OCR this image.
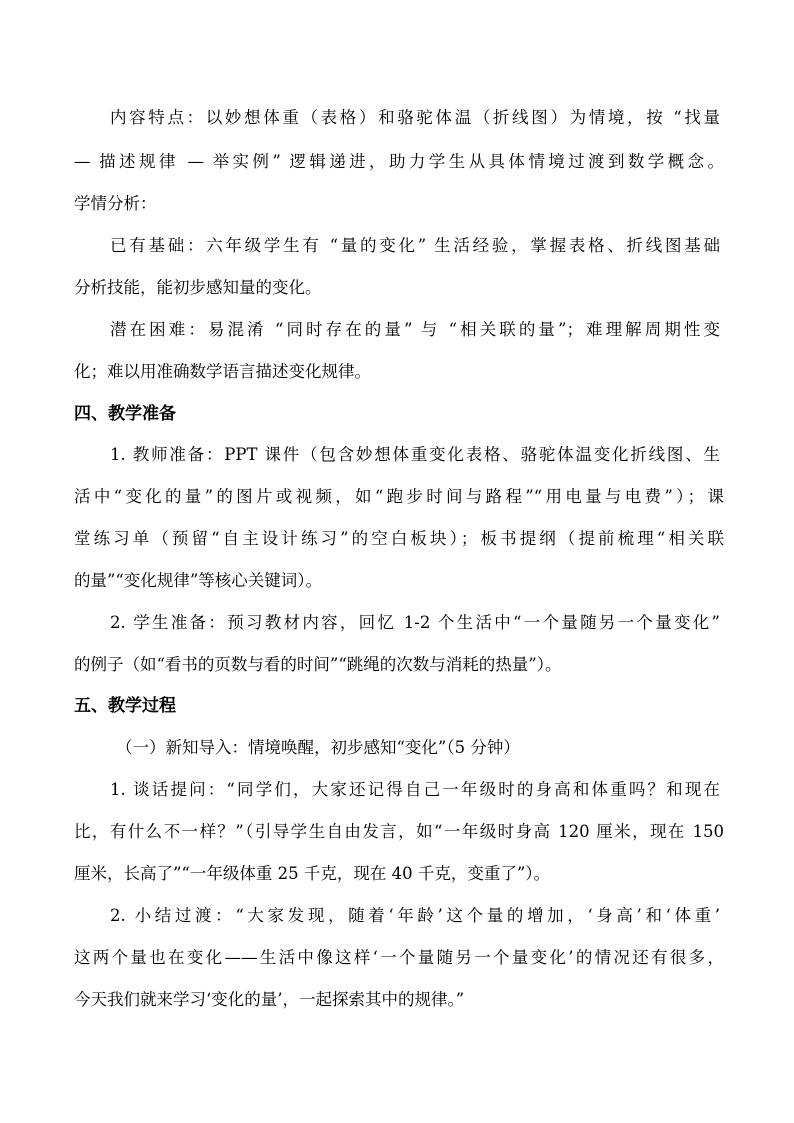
内容特点：以妙想体重（表格）和骆驼体温（折线图）为情境，按 “找量
— 描述规律 — 举实例” 逻辑递进，助力学生从具体情境过渡到数学概念。
学情分析：
已有基础：六年级学生有 “量的变化” 生活经验，掌握表格、折线图基础
分析技能，能初步感知量的变化。
潜在困难：易混淆 “同时存在的量” 与 “相关联的量”；难理解周期性变
化；难以用准确数学语言描述变化规律。
四、教学准备
1. 教师准备：PPT 课件（包含妙想体重变化表格、骆驼体温变化折线图、生
活中“变化的量”的图片或视频，如“跑步时间与路程”“用电量与电费”）；课
堂练习单（预留“自主设计练习”的空白板块）；板书提纲（提前梳理“相关联
的量”“变化规律”等核心关键词）。
2. 学生准备：预习教材内容，回忆 1-2 个生活中“一个量随另一个量变化”
的例子（如“看书的页数与看的时间”“跳绳的次数与消耗的热量”）。
五、教学过程
（一）新知导入：情境唤醒，初步感知“变化”（5 分钟）
1. 谈话提问：“同学们，大家还记得自己一年级时的身高和体重吗？和现在
比，有什么不一样？”（引导学生自由发言，如“一年级时身高 120 厘米，现在 150
厘米，长高了”“一年级体重 25 千克，现在 40 千克，变重了”）。
2. 小结过渡：“大家发现，随着‘年龄’这个量的增加，‘身高’和‘体重’
这两个量也在变化——生活中像这样‘一个量随另一个量变化’的情况还有很多，
今天我们就来学习‘变化的量’，一起探索其中的规律。”
